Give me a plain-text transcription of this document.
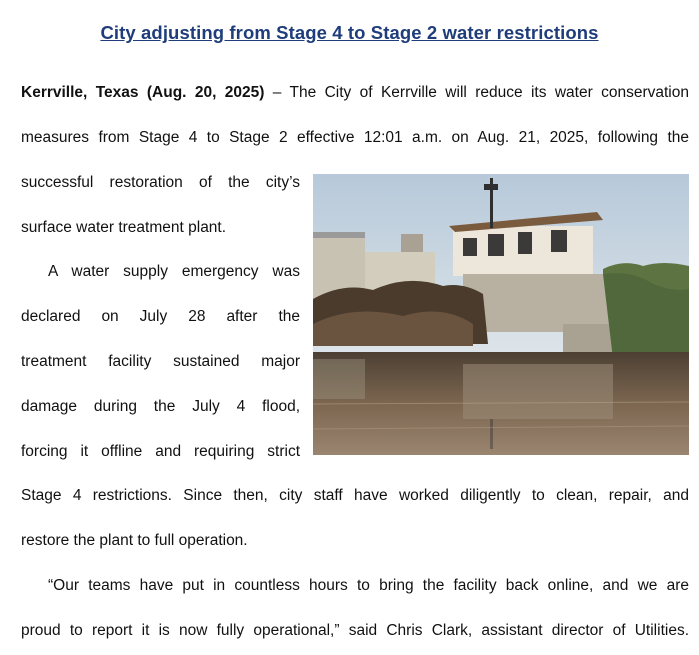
City adjusting from Stage 4 to Stage 2 water restrictions
Kerrville, Texas (Aug. 20, 2025) – The City of Kerrville will reduce its water conservation
measures from Stage 4 to Stage 2 effective 12:01 a.m. on Aug. 21, 2025, following the
successful restoration of the city’s
surface water treatment plant.
A water supply emergency was
declared on July 28 after the
treatment facility sustained major
damage during the July 4 flood,
forcing it offline and requiring strict
Stage 4 restrictions. Since then, city staff have worked diligently to clean, repair, and
restore the plant to full operation.
“Our teams have put in countless hours to bring the facility back online, and we are
proud to report it is now fully operational,” said Chris Clark, assistant director of Utilities.
